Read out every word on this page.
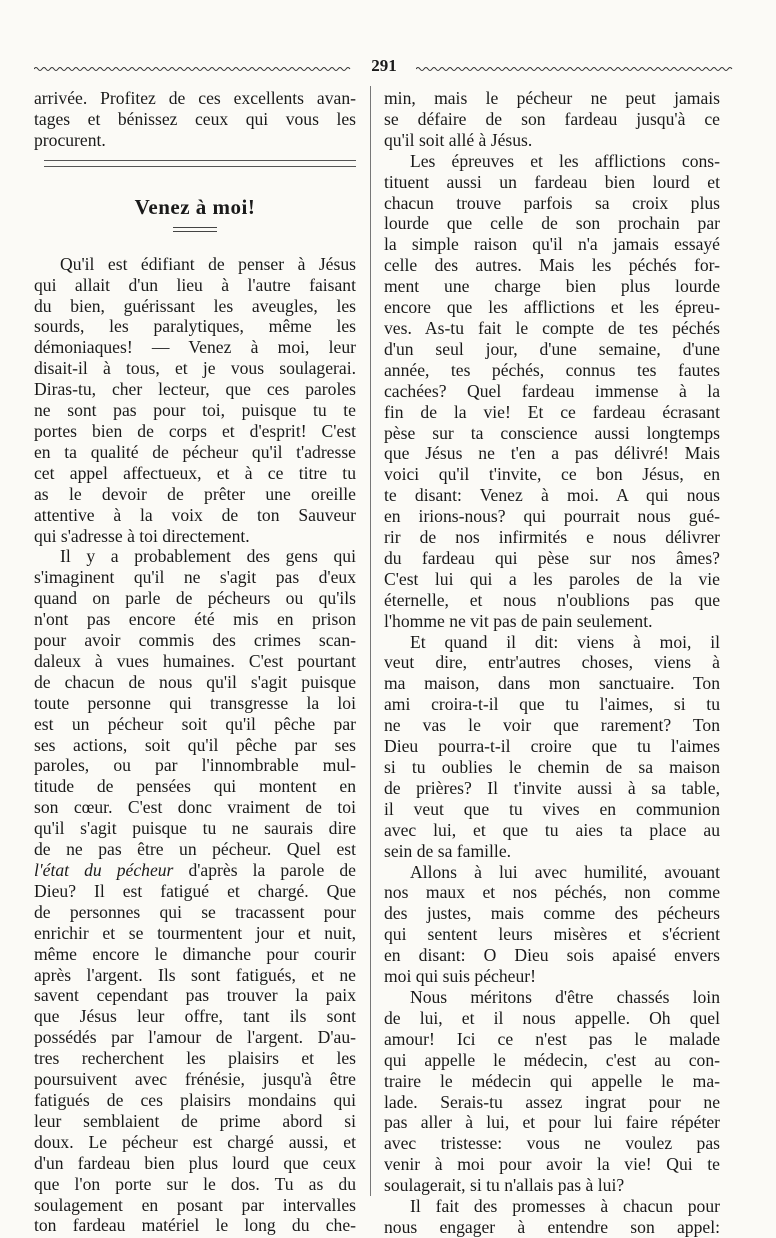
291
arrivée. Profitez de ces excellents avan-
tages et bénissez ceux qui vous les
procurent.
Venez à moi!
Qu'il est édifiant de penser à Jésus
qui allait d'un lieu à l'autre faisant
du bien, guérissant les aveugles, les
sourds, les paralytiques, même les
démoniaques! — Venez à moi, leur
disait-il à tous, et je vous soulagerai.
Diras-tu, cher lecteur, que ces paroles
ne sont pas pour toi, puisque tu te
portes bien de corps et d'esprit! C'est
en ta qualité de pécheur qu'il t'adresse
cet appel affectueux, et à ce titre tu
as le devoir de prêter une oreille
attentive à la voix de ton Sauveur
qui s'adresse à toi directement.
Il y a probablement des gens qui
s'imaginent qu'il ne s'agit pas d'eux
quand on parle de pécheurs ou qu'ils
n'ont pas encore été mis en prison
pour avoir commis des crimes scan-
daleux à vues humaines. C'est pourtant
de chacun de nous qu'il s'agit puisque
toute personne qui transgresse la loi
est un pécheur soit qu'il pêche par
ses actions, soit qu'il pêche par ses
paroles, ou par l'innombrable mul-
titude de pensées qui montent en
son cœur. C'est donc vraiment de toi
qu'il s'agit puisque tu ne saurais dire
de ne pas être un pécheur. Quel est
l'état du pécheur d'après la parole de
Dieu? Il est fatigué et chargé. Que
de personnes qui se tracassent pour
enrichir et se tourmentent jour et nuit,
même encore le dimanche pour courir
après l'argent. Ils sont fatigués, et ne
savent cependant pas trouver la paix
que Jésus leur offre, tant ils sont
possédés par l'amour de l'argent. D'au-
tres recherchent les plaisirs et les
poursuivent avec frénésie, jusqu'à être
fatigués de ces plaisirs mondains qui
leur semblaient de prime abord si
doux. Le pécheur est chargé aussi, et
d'un fardeau bien plus lourd que ceux
que l'on porte sur le dos. Tu as du
soulagement en posant par intervalles
ton fardeau matériel le long du che-
min, mais le pécheur ne peut jamais
se défaire de son fardeau jusqu'à ce
qu'il soit allé à Jésus.
Les épreuves et les afflictions cons-
tituent aussi un fardeau bien lourd et
chacun trouve parfois sa croix plus
lourde que celle de son prochain par
la simple raison qu'il n'a jamais essayé
celle des autres. Mais les péchés for-
ment une charge bien plus lourde
encore que les afflictions et les épreu-
ves. As-tu fait le compte de tes péchés
d'un seul jour, d'une semaine, d'une
année, tes péchés, connus tes fautes
cachées? Quel fardeau immense à la
fin de la vie! Et ce fardeau écrasant
pèse sur ta conscience aussi longtemps
que Jésus ne t'en a pas délivré! Mais
voici qu'il t'invite, ce bon Jésus, en
te disant: Venez à moi. A qui nous
en irions-nous? qui pourrait nous gué-
rir de nos infirmités e nous délivrer
du fardeau qui pèse sur nos âmes?
C'est lui qui a les paroles de la vie
éternelle, et nous n'oublions pas que
l'homme ne vit pas de pain seulement.
Et quand il dit: viens à moi, il
veut dire, entr'autres choses, viens à
ma maison, dans mon sanctuaire. Ton
ami croira-t-il que tu l'aimes, si tu
ne vas le voir que rarement? Ton
Dieu pourra-t-il croire que tu l'aimes
si tu oublies le chemin de sa maison
de prières? Il t'invite aussi à sa table,
il veut que tu vives en communion
avec lui, et que tu aies ta place au
sein de sa famille.
Allons à lui avec humilité, avouant
nos maux et nos péchés, non comme
des justes, mais comme des pécheurs
qui sentent leurs misères et s'écrient
en disant: O Dieu sois apaisé envers
moi qui suis pécheur!
Nous méritons d'être chassés loin
de lui, et il nous appelle. Oh quel
amour! Ici ce n'est pas le malade
qui appelle le médecin, c'est au con-
traire le médecin qui appelle le ma-
lade. Serais-tu assez ingrat pour ne
pas aller à lui, et pour lui faire répéter
avec tristesse: vous ne voulez pas
venir à moi pour avoir la vie! Qui te
soulagerait, si tu n'allais pas à lui?
Il fait des promesses à chacun pour
nous engager à entendre son appel:
